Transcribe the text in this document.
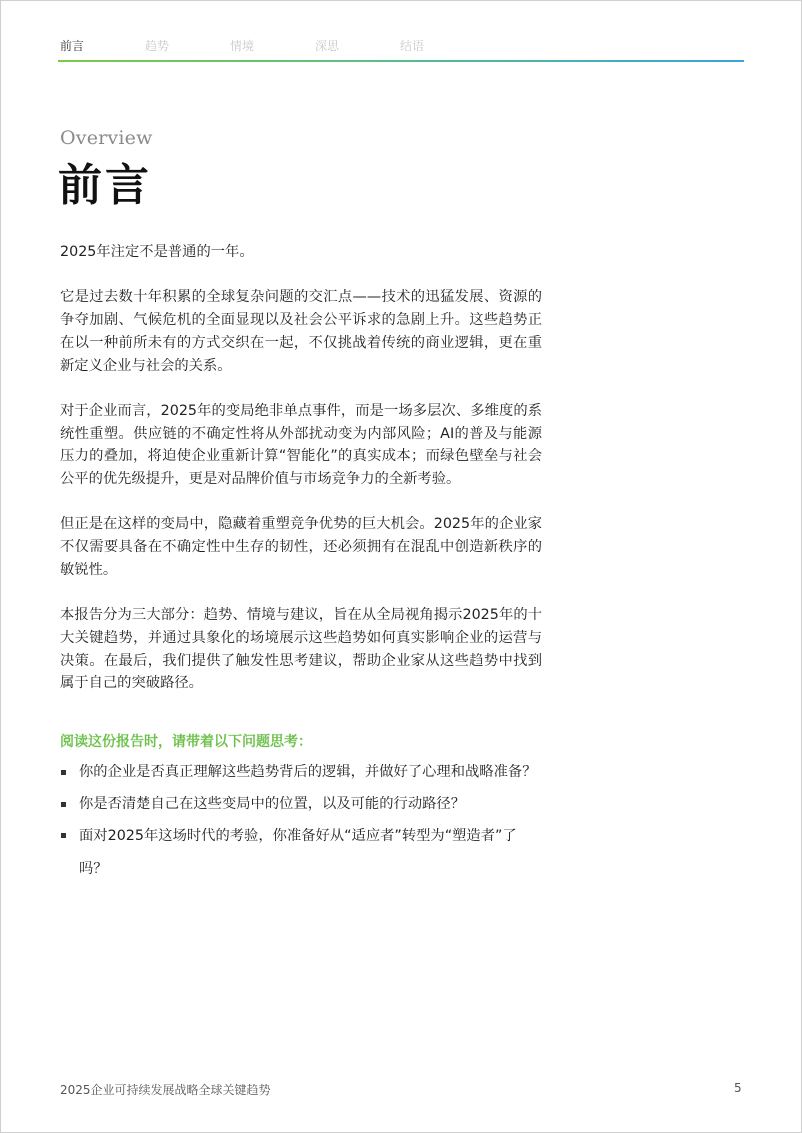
前言	趋势	情境	深思	结语
Overview
前言

2025年注定不是普通的一年。

它是过去数十年积累的全球复杂问题的交汇点——技术的迅猛发展、资源的争夺加剧、气候危机的全面显现以及社会公平诉求的急剧上升。这些趋势正在以一种前所未有的方式交织在一起，不仅挑战着传统的商业逻辑，更在重新定义企业与社会的关系。

对于企业而言，2025年的变局绝非单点事件，而是一场多层次、多维度的系统性重塑。供应链的不确定性将从外部扰动变为内部风险；AI的普及与能源压力的叠加，将迫使企业重新计算“智能化”的真实成本；而绿色壁垒与社会公平的优先级提升，更是对品牌价值与市场竞争力的全新考验。

但正是在这样的变局中，隐藏着重塑竞争优势的巨大机会。2025年的企业家不仅需要具备在不确定性中生存的韧性，还必须拥有在混乱中创造新秩序的敏锐性。

本报告分为三大部分：趋势、情境与建议，旨在从全局视角揭示2025年的十大关键趋势，并通过具象化的场境展示这些趋势如何真实影响企业的运营与决策。在最后，我们提供了触发性思考建议，帮助企业家从这些趋势中找到属于自己的突破路径。

阅读这份报告时，请带着以下问题思考：
你的企业是否真正理解这些趋势背后的逻辑，并做好了心理和战略准备？
你是否清楚自己在这些变局中的位置，以及可能的行动路径？
面对2025年这场时代的考验，你准备好从“适应者”转型为“塑造者”了吗？
2025企业可持续发展战略全球关键趋势	5
